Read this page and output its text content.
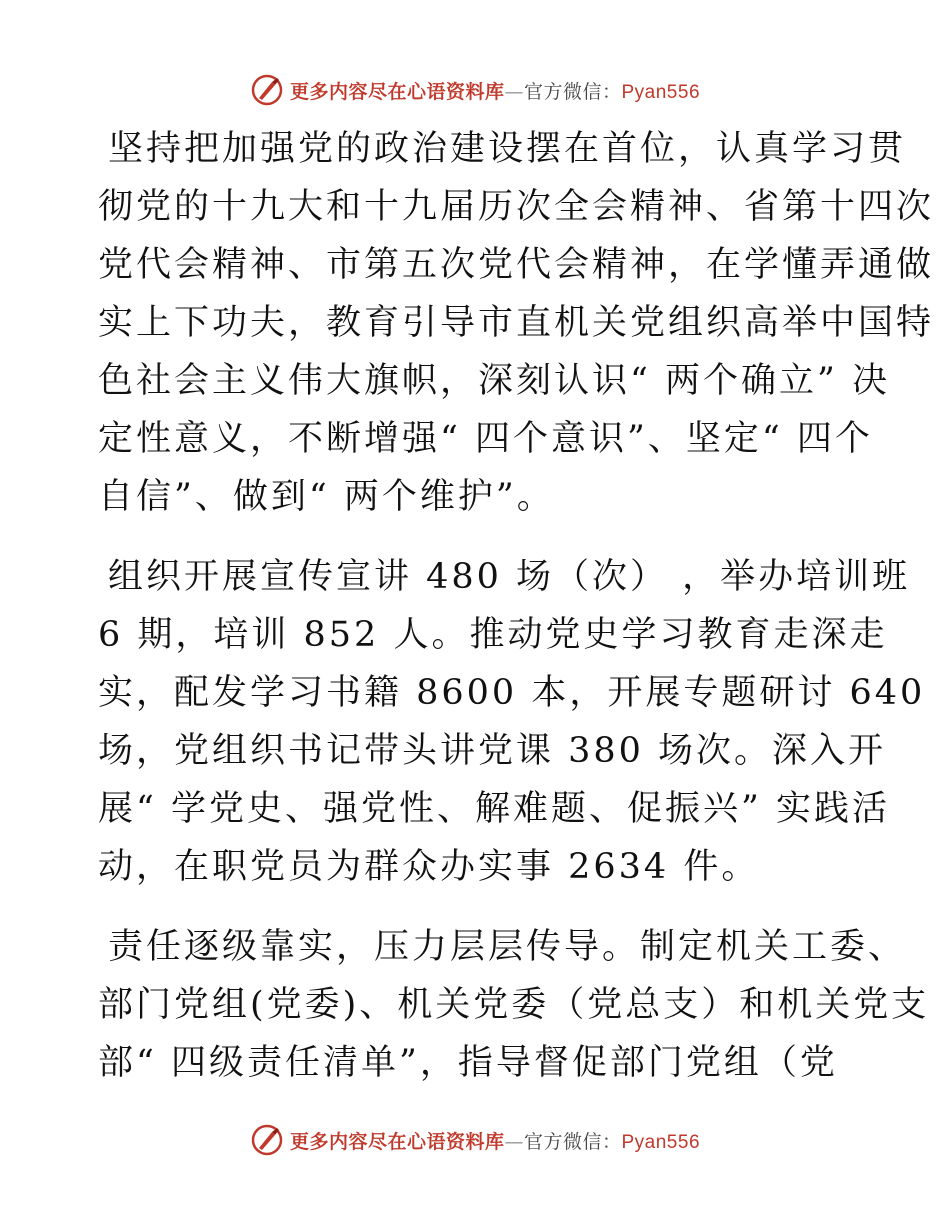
更多内容尽在心语资料库—官方微信：Pyan556
坚持把加强党的政治建设摆在首位，认真学习贯
彻党的十九大和十九届历次全会精神、省第十四次
党代会精神、市第五次党代会精神，在学懂弄通做
实上下功夫，教育引导市直机关党组织高举中国特
色社会主义伟大旗帜，深刻认识“ 两个确立” 决
定性意义，不断增强“ 四个意识”、坚定“ 四个
自信”、做到“ 两个维护”。
组织开展宣传宣讲 480 场（次） ，举办培训班
6 期，培训 852 人。推动党史学习教育走深走
实，配发学习书籍 8600 本，开展专题研讨 640
场，党组织书记带头讲党课 380 场次。深入开
展“ 学党史、强党性、解难题、促振兴” 实践活
动，在职党员为群众办实事 2634 件。
责任逐级靠实，压力层层传导。制定机关工委、
部门党组(党委)、机关党委（党总支）和机关党支
部“ 四级责任清单”，指导督促部门党组（党
更多内容尽在心语资料库—官方微信：Pyan556
